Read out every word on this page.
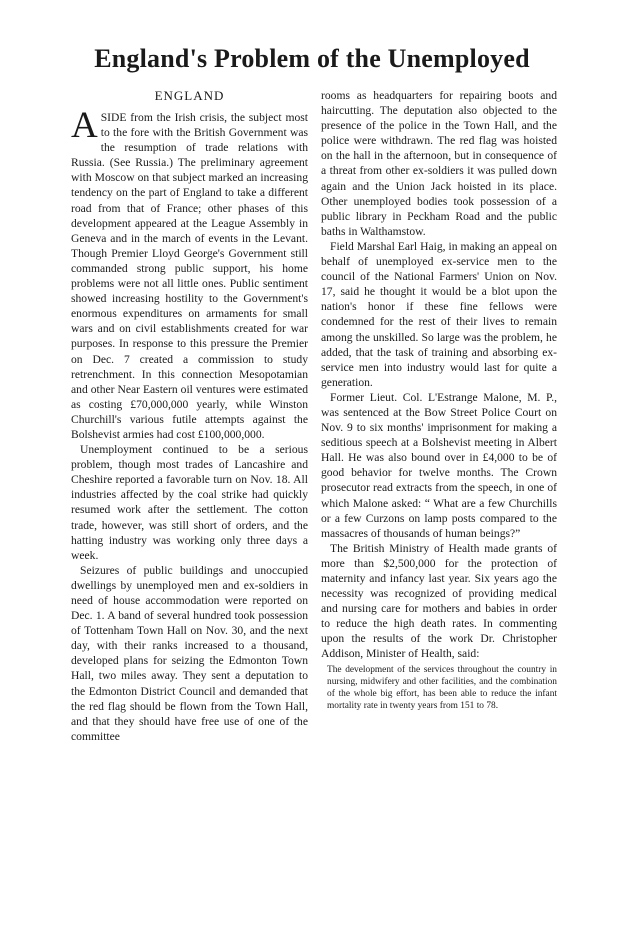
England's Problem of the Unemployed
ENGLAND

ASIDE from the Irish crisis, the subject most to the fore with the British Government was the resumption of trade relations with Russia. (See Russia.) The preliminary agreement with Moscow on that subject marked an increasing tendency on the part of England to take a different road from that of France; other phases of this development appeared at the League Assembly in Geneva and in the march of events in the Levant. Though Premier Lloyd George's Government still commanded strong public support, his home problems were not all little ones. Public sentiment showed increasing hostility to the Government's enormous expenditures on armaments for small wars and on civil establishments created for war purposes. In response to this pressure the Premier on Dec. 7 created a commission to study retrenchment. In this connection Mesopotamian and other Near Eastern oil ventures were estimated as costing £70,000,000 yearly, while Winston Churchill's various futile attempts against the Bolshevist armies had cost £100,000,000.

Unemployment continued to be a serious problem, though most trades of Lancashire and Cheshire reported a favorable turn on Nov. 18. All industries affected by the coal strike had quickly resumed work after the settlement. The cotton trade, however, was still short of orders, and the hatting industry was working only three days a week.

Seizures of public buildings and unoccupied dwellings by unemployed men and ex-soldiers in need of house accommodation were reported on Dec. 1. A band of several hundred took possession of Tottenham Town Hall on Nov. 30, and the next day, with their ranks increased to a thousand, developed plans for seizing the Edmonton Town Hall, two miles away. They sent a deputation to the Edmonton District Council and demanded that the red flag should be flown from the Town Hall, and that they should have free use of one of the committee

rooms as headquarters for repairing boots and haircutting. The deputation also objected to the presence of the police in the Town Hall, and the police were withdrawn. The red flag was hoisted on the hall in the afternoon, but in consequence of a threat from other ex-soldiers it was pulled down again and the Union Jack hoisted in its place. Other unemployed bodies took possession of a public library in Peckham Road and the public baths in Walthamstow.

Field Marshal Earl Haig, in making an appeal on behalf of unemployed ex-service men to the council of the National Farmers' Union on Nov. 17, said he thought it would be a blot upon the nation's honor if these fine fellows were condemned for the rest of their lives to remain among the unskilled. So large was the problem, he added, that the task of training and absorbing ex-service men into industry would last for quite a generation.

Former Lieut. Col. L'Estrange Malone, M. P., was sentenced at the Bow Street Police Court on Nov. 9 to six months' imprisonment for making a seditious speech at a Bolshevist meeting in Albert Hall. He was also bound over in £4,000 to be of good behavior for twelve months. The Crown prosecutor read extracts from the speech, in one of which Malone asked: “ What are a few Churchills or a few Curzons on lamp posts compared to the massacres of thousands of human beings?”

The British Ministry of Health made grants of more than $2,500,000 for the protection of maternity and infancy last year. Six years ago the necessity was recognized of providing medical and nursing care for mothers and babies in order to reduce the high death rates. In commenting upon the results of the work Dr. Christopher Addison, Minister of Health, said:

The development of the services throughout the country in nursing, midwifery and other facilities, and the combination of the whole big effort, has been able to reduce the infant mortality rate in twenty years from 151 to 78.
